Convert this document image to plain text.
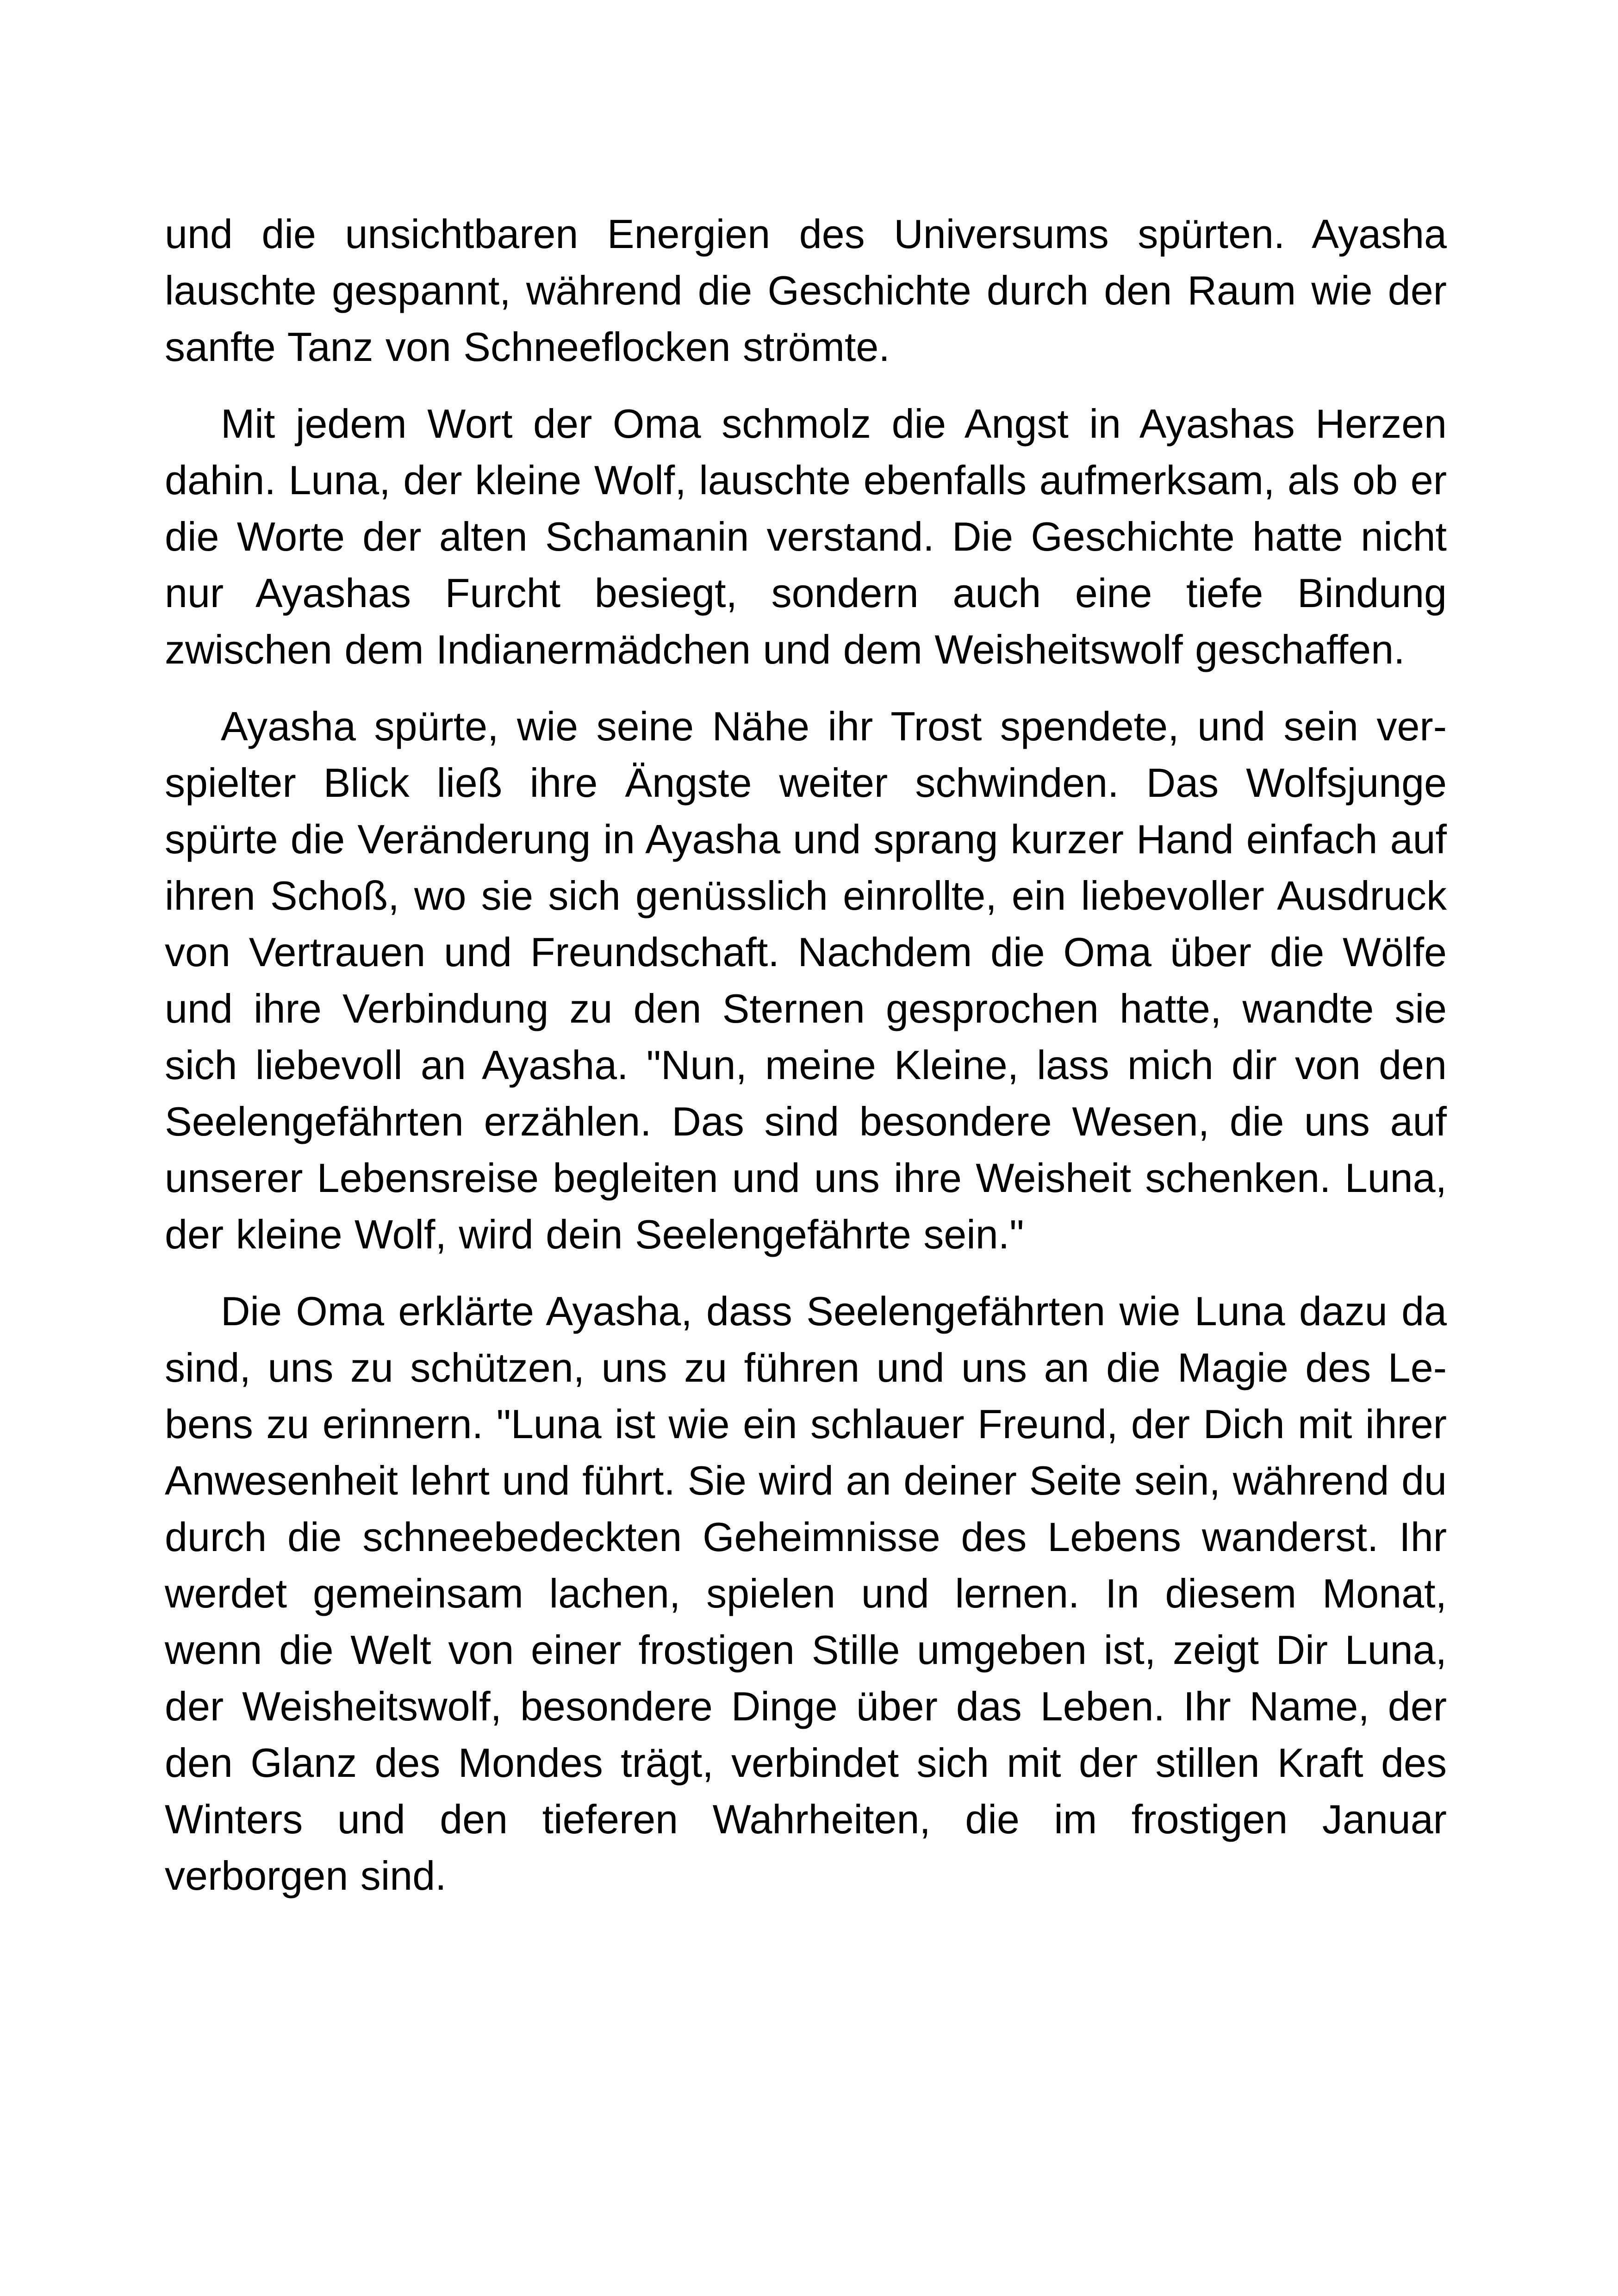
und die unsichtbaren Energien des Universums spürten. Ayasha lauschte gespannt, während die Geschichte durch den Raum wie der sanfte Tanz von Schneeflocken strömte.

Mit jedem Wort der Oma schmolz die Angst in Ayashas Herzen dahin. Luna, der kleine Wolf, lauschte ebenfalls aufmerksam, als ob er die Worte der alten Schamanin verstand. Die Geschichte hatte nicht nur Ayashas Furcht besiegt, sondern auch eine tiefe Bindung zwischen dem Indianermädchen und dem Weisheitswolf geschaffen.

Ayasha spürte, wie seine Nähe ihr Trost spendete, und sein verspielter Blick ließ ihre Ängste weiter schwinden. Das Wolfsjunge spürte die Veränderung in Ayasha und sprang kurzer Hand einfach auf ihren Schoß, wo sie sich genüsslich einrollte, ein liebevoller Ausdruck von Vertrauen und Freundschaft. Nachdem die Oma über die Wölfe und ihre Verbindung zu den Sternen gesprochen hatte, wandte sie sich liebevoll an Ayasha. "Nun, meine Kleine, lass mich dir von den Seelengefährten erzählen. Das sind besondere Wesen, die uns auf unserer Lebensreise begleiten und uns ihre Weisheit schenken. Luna, der kleine Wolf, wird dein Seelengefährte sein."

Die Oma erklärte Ayasha, dass Seelengefährten wie Luna dazu da sind, uns zu schützen, uns zu führen und uns an die Magie des Lebens zu erinnern. "Luna ist wie ein schlauer Freund, der Dich mit ihrer Anwesenheit lehrt und führt. Sie wird an deiner Seite sein, während du durch die schneebedeckten Geheimnisse des Lebens wanderst. Ihr werdet gemeinsam lachen, spielen und lernen. In diesem Monat, wenn die Welt von einer frostigen Stille umgeben ist, zeigt Dir Luna, der Weisheitswolf, besondere Dinge über das Leben. Ihr Name, der den Glanz des Mondes trägt, verbindet sich mit der stillen Kraft des Winters und den tieferen Wahrheiten, die im frostigen Januar verborgen sind.
